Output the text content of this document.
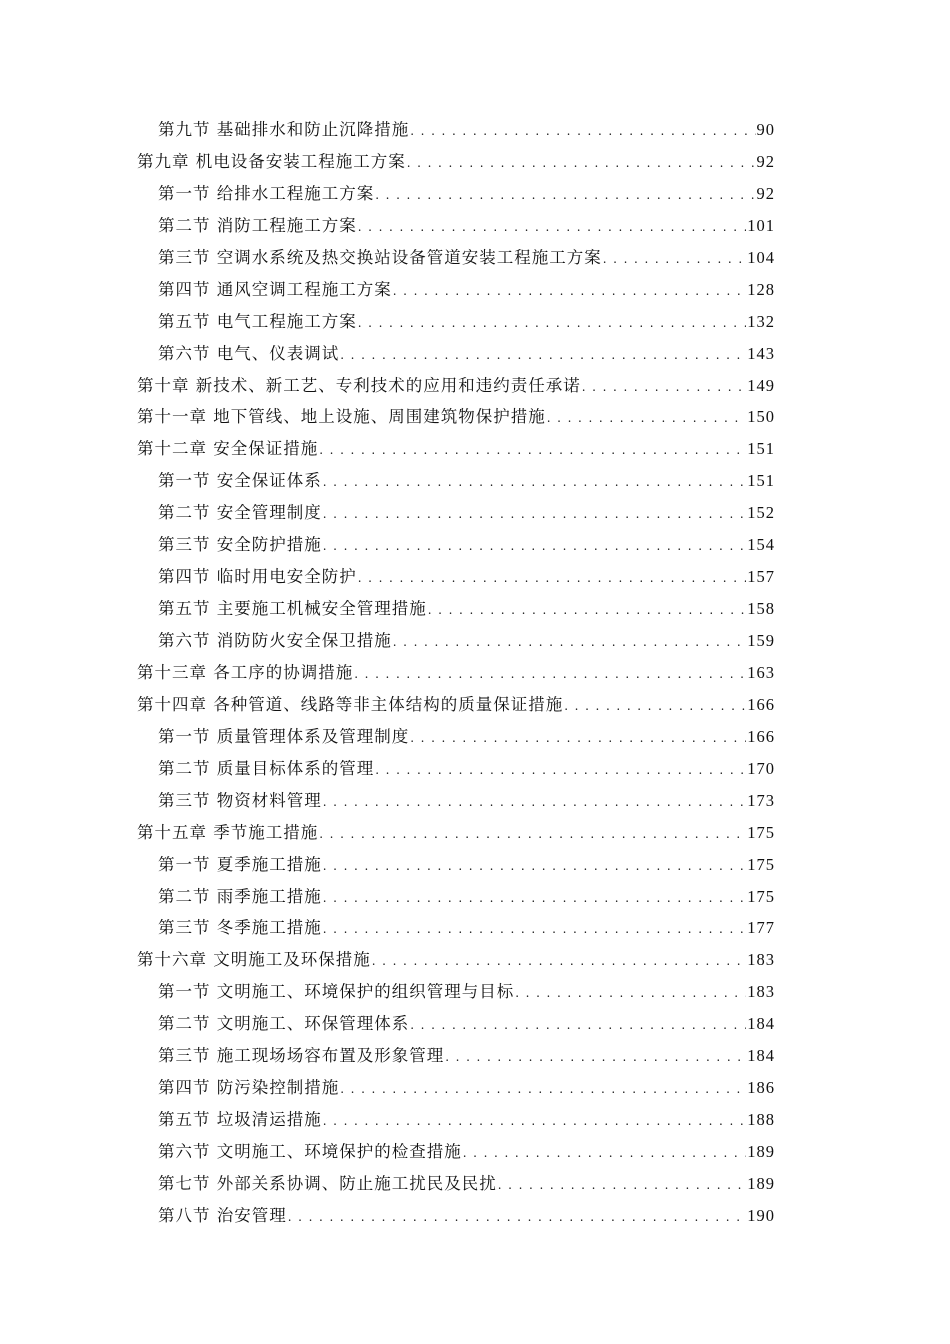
第九节 基础排水和防止沉降措施 . . .	90
第九章 机电设备安装工程施工方案 . . .	92
第一节 给排水工程施工方案 . . .	92
第二节 消防工程施工方案 . . .	101
第三节 空调水系统及热交换站设备管道安装工程施工方案 . . .	104
第四节 通风空调工程施工方案 . . .	128
第五节 电气工程施工方案 . . .	132
第六节 电气、仪表调试 . . .	143
第十章 新技术、新工艺、专利技术的应用和违约责任承诺 . . .	149
第十一章 地下管线、地上设施、周围建筑物保护措施 . . .	150
第十二章 安全保证措施 . . .	151
第一节 安全保证体系 . . .	151
第二节 安全管理制度 . . .	152
第三节 安全防护措施 . . .	154
第四节 临时用电安全防护 . . .	157
第五节 主要施工机械安全管理措施 . . .	158
第六节 消防防火安全保卫措施 . . .	159
第十三章 各工序的协调措施 . . .	163
第十四章 各种管道、线路等非主体结构的质量保证措施 . . .	166
第一节 质量管理体系及管理制度 . . .	166
第二节 质量目标体系的管理 . . .	170
第三节 物资材料管理 . . .	173
第十五章 季节施工措施 . . .	175
第一节 夏季施工措施 . . .	175
第二节 雨季施工措施 . . .	175
第三节 冬季施工措施 . . .	177
第十六章 文明施工及环保措施 . . .	183
第一节 文明施工、环境保护的组织管理与目标 . . .	183
第二节 文明施工、环保管理体系 . . .	184
第三节 施工现场场容布置及形象管理 . . .	184
第四节 防污染控制措施 . . .	186
第五节 垃圾清运措施 . . .	188
第六节 文明施工、环境保护的检查措施 . . .	189
第七节 外部关系协调、防止施工扰民及民扰 . . .	189
第八节 治安管理 . . .	190
